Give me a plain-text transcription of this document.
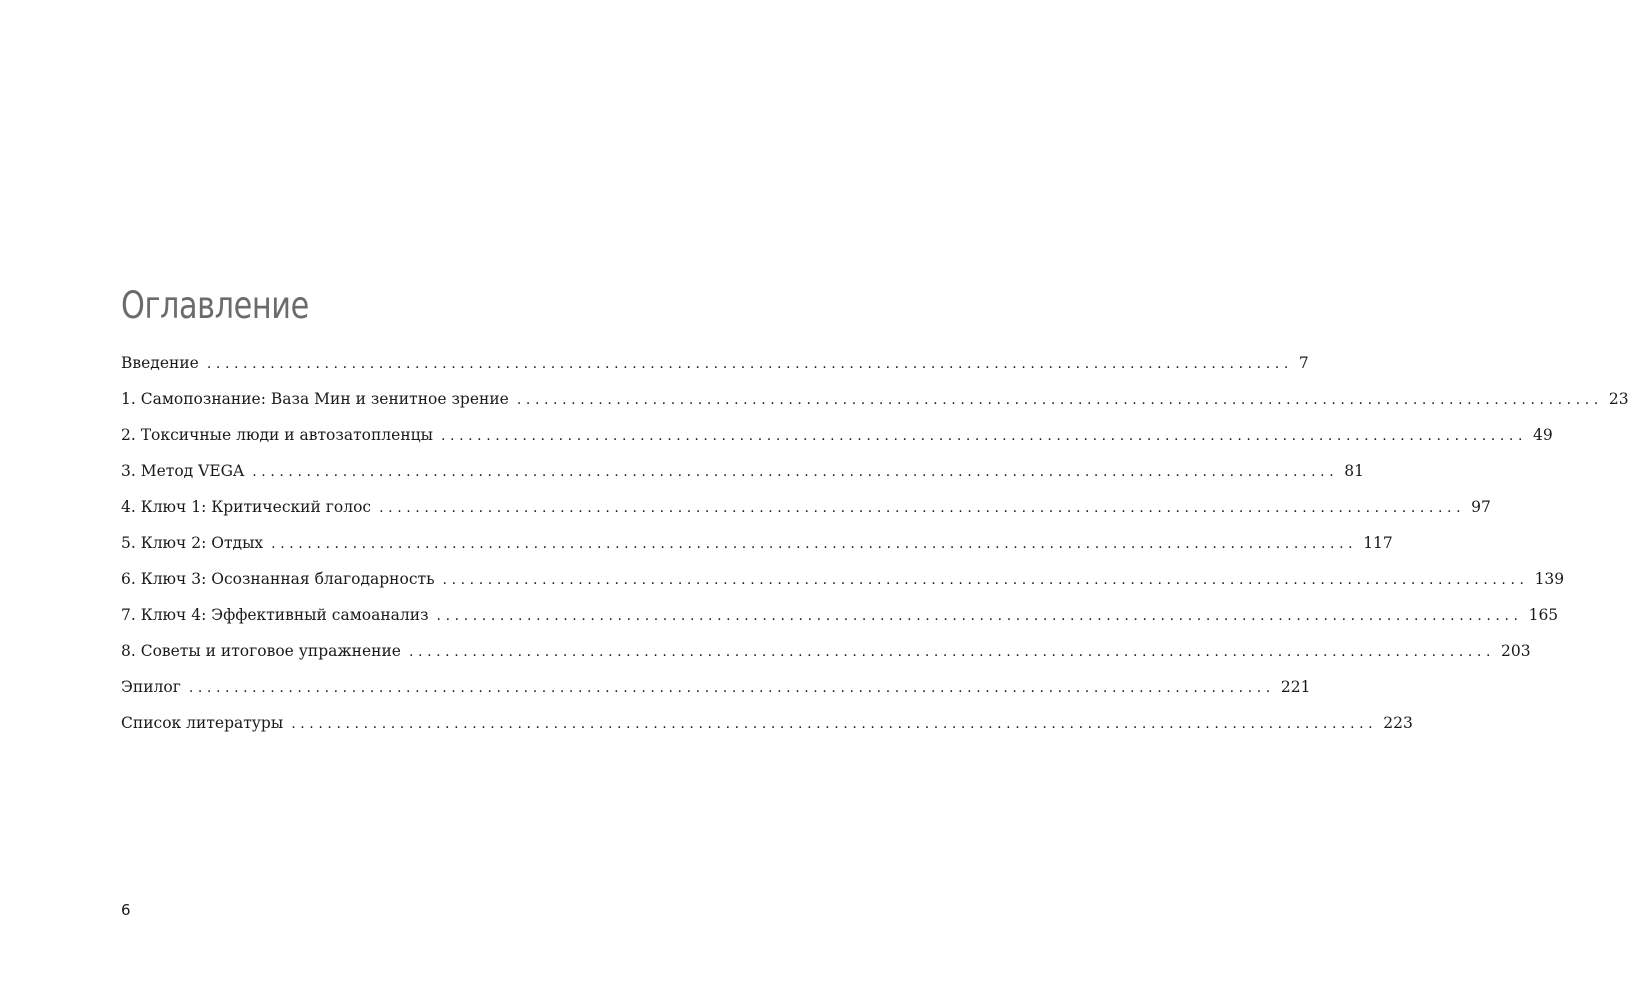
Оглавление
Введение ........................................................................................................................ 7
1. Самопознание: Ваза Мин и зенитное зрение ........................................................................................................................ 23
2. Токсичные люди и автозатопленцы ........................................................................................................................ 49
3. Метод VEGA ........................................................................................................................ 81
4. Ключ 1: Критический голос ........................................................................................................................ 97
5. Ключ 2: Отдых ........................................................................................................................ 117
6. Ключ 3: Осознанная благодарность ........................................................................................................................ 139
7. Ключ 4: Эффективный самоанализ ........................................................................................................................ 165
8. Советы и итоговое упражнение ........................................................................................................................ 203
Эпилог ........................................................................................................................ 221
Список литературы ........................................................................................................................ 223
6
